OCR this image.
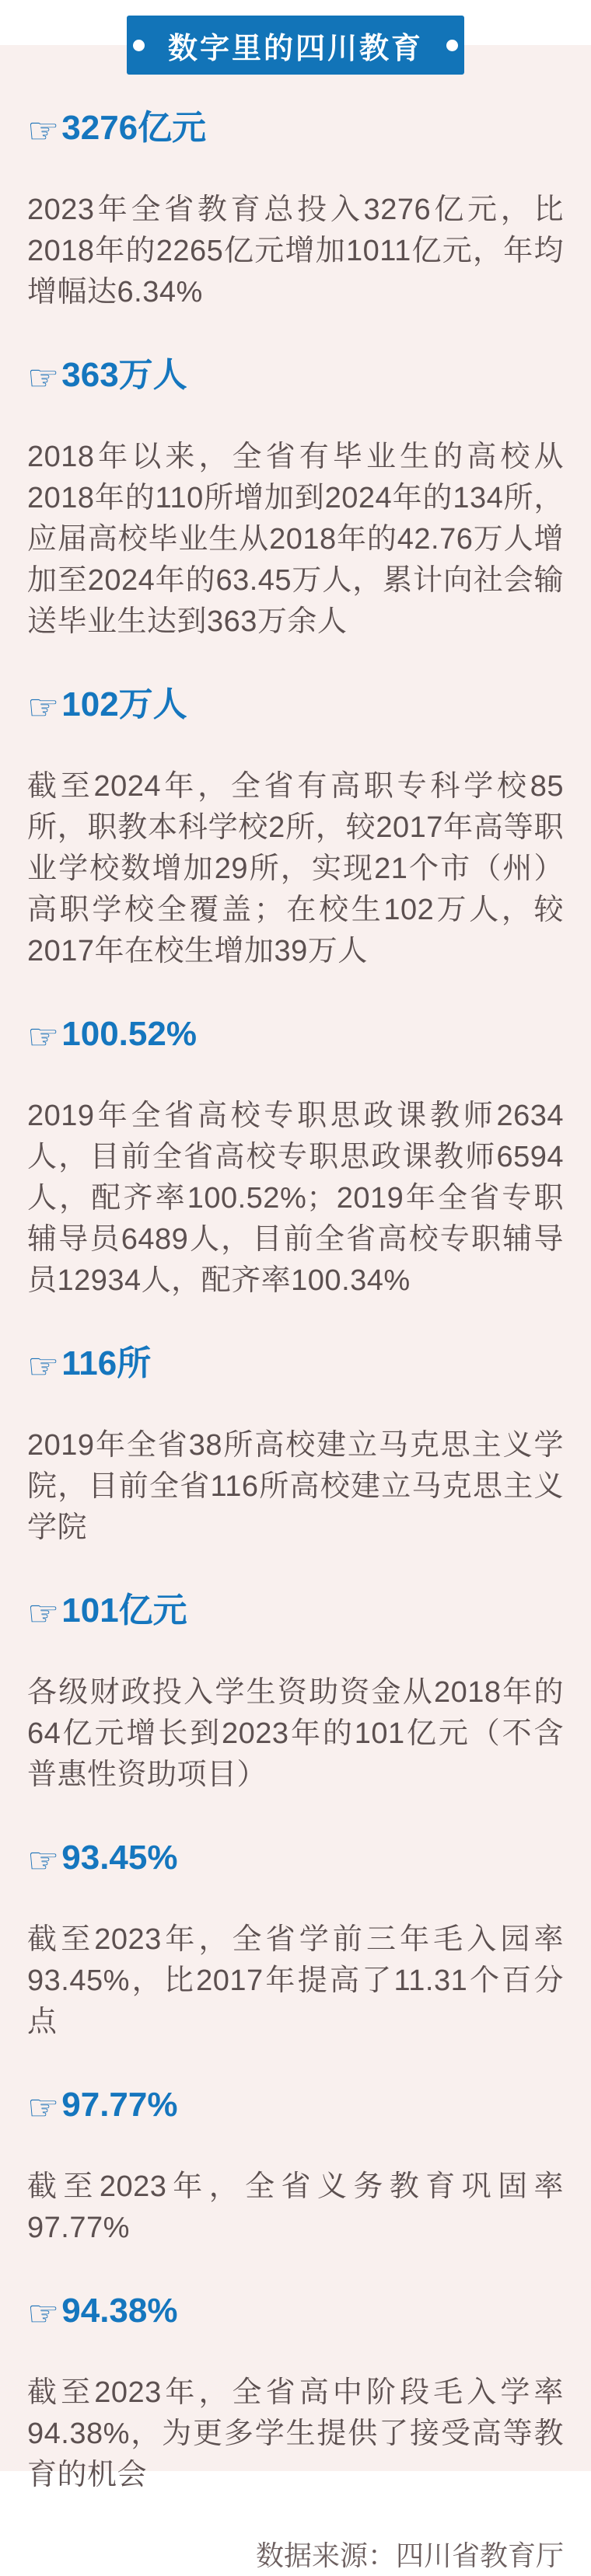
数字里的四川教育
☞ 3276亿元

2023年全省教育总投入3276亿元，比2018年的2265亿元增加1011亿元，年均增幅达6.34%

☞ 363万人

2018年以来，全省有毕业生的高校从2018年的110所增加到2024年的134所，应届高校毕业生从2018年的42.76万人增加至2024年的63.45万人，累计向社会输送毕业生达到363万余人

☞ 102万人

截至2024年，全省有高职专科学校85所，职教本科学校2所，较2017年高等职业学校数增加29所，实现21个市（州）高职学校全覆盖；在校生102万人，较2017年在校生增加39万人

☞ 100.52%

2019年全省高校专职思政课教师2634人，目前全省高校专职思政课教师6594人，配齐率100.52%；2019年全省专职辅导员6489人，目前全省高校专职辅导员12934人，配齐率100.34%

☞ 116所

2019年全省38所高校建立马克思主义学院，目前全省116所高校建立马克思主义学院

☞ 101亿元

各级财政投入学生资助资金从2018年的64亿元增长到2023年的101亿元（不含普惠性资助项目）

☞ 93.45%

截至2023年，全省学前三年毛入园率93.45%，比2017年提高了11.31个百分点

☞ 97.77%

截至2023年，全省义务教育巩固率97.77%

☞ 94.38%

截至2023年，全省高中阶段毛入学率94.38%，为更多学生提供了接受高等教育的机会

数据来源：四川省教育厅
